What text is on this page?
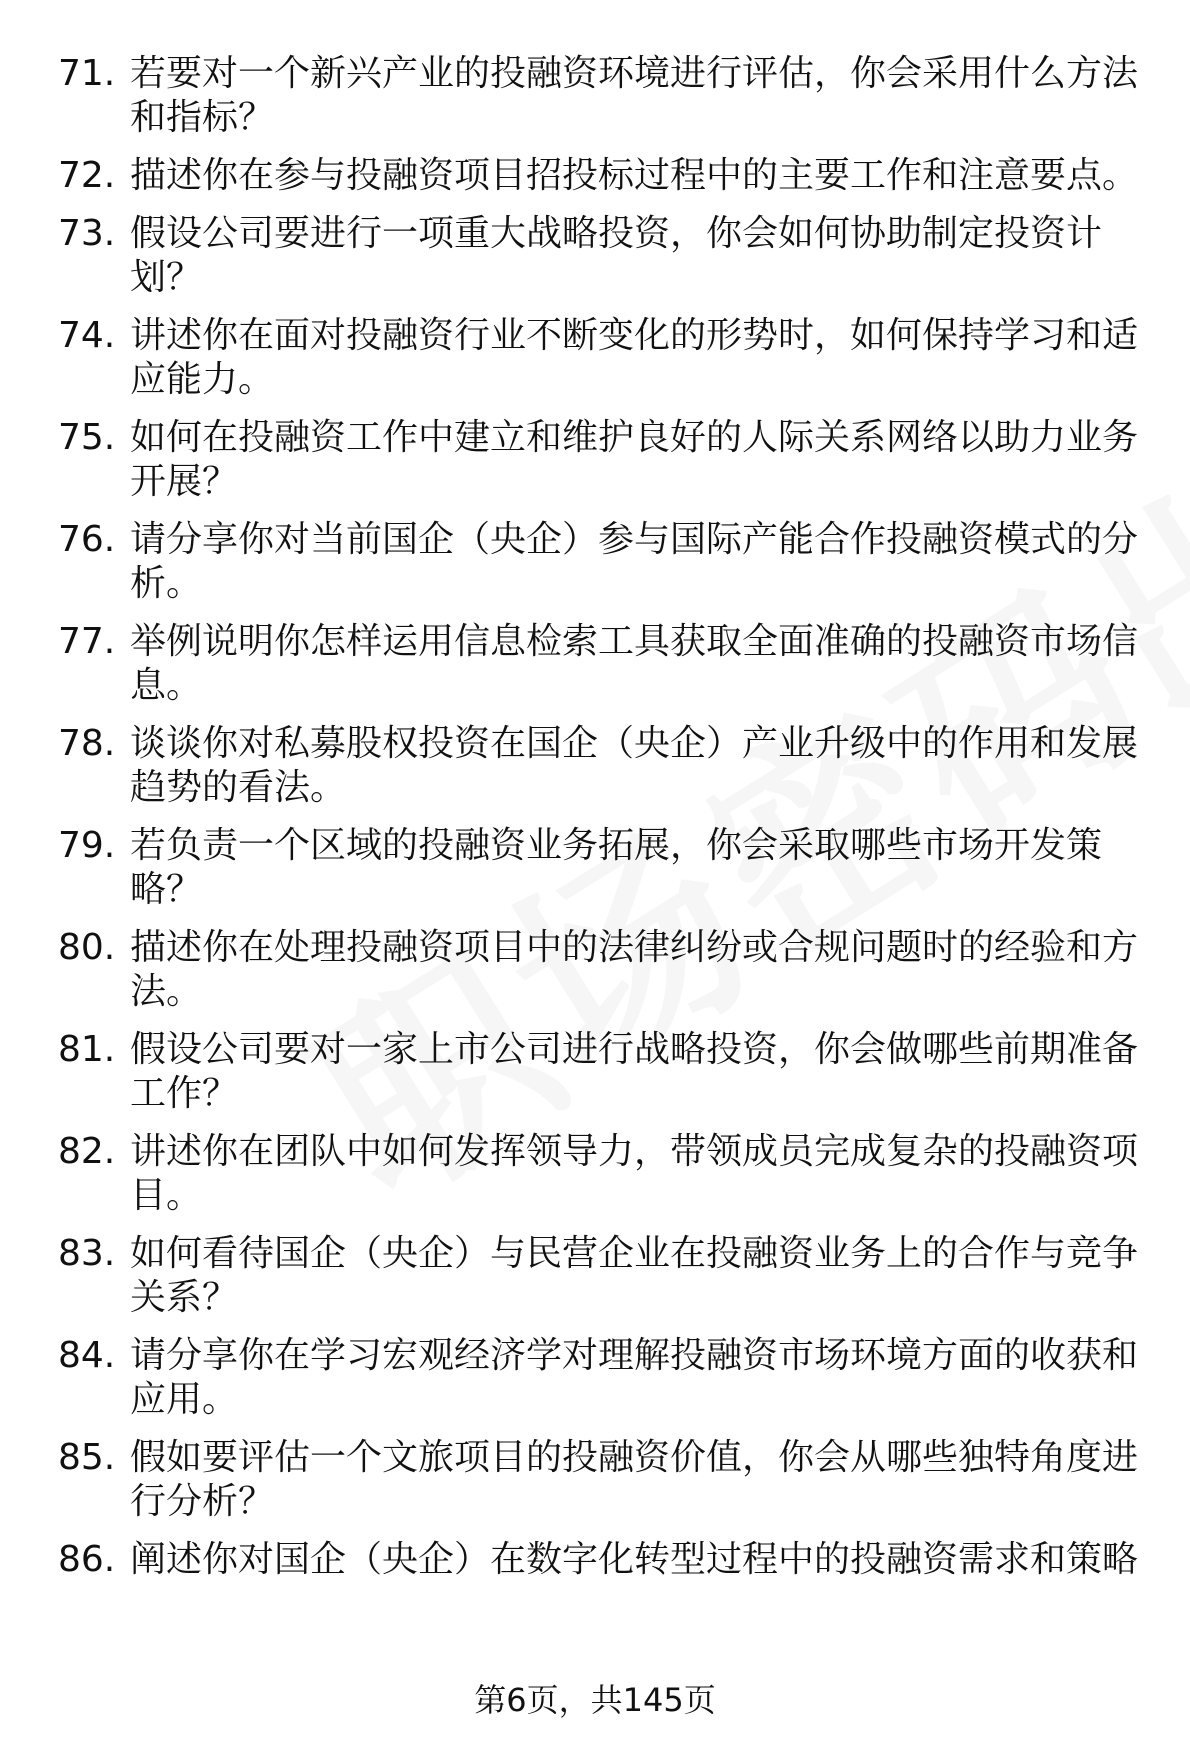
71. 若要对一个新兴产业的投融资环境进行评估，你会采用什么方法和指标？
72. 描述你在参与投融资项目招投标过程中的主要工作和注意要点。
73. 假设公司要进行一项重大战略投资，你会如何协助制定投资计划？
74. 讲述你在面对投融资行业不断变化的形势时，如何保持学习和适应能力。
75. 如何在投融资工作中建立和维护良好的人际关系网络以助力业务开展？
76. 请分享你对当前国企（央企）参与国际产能合作投融资模式的分析。
77. 举例说明你怎样运用信息检索工具获取全面准确的投融资市场信息。
78. 谈谈你对私募股权投资在国企（央企）产业升级中的作用和发展趋势的看法。
79. 若负责一个区域的投融资业务拓展，你会采取哪些市场开发策略？
80. 描述你在处理投融资项目中的法律纠纷或合规问题时的经验和方法。
81. 假设公司要对一家上市公司进行战略投资，你会做哪些前期准备工作？
82. 讲述你在团队中如何发挥领导力，带领成员完成复杂的投融资项目。
83. 如何看待国企（央企）与民营企业在投融资业务上的合作与竞争关系？
84. 请分享你在学习宏观经济学对理解投融资市场环境方面的收获和应用。
85. 假如要评估一个文旅项目的投融资价值，你会从哪些独特角度进行分析？
86. 阐述你对国企（央企）在数字化转型过程中的投融资需求和策略
第6页，共145页
